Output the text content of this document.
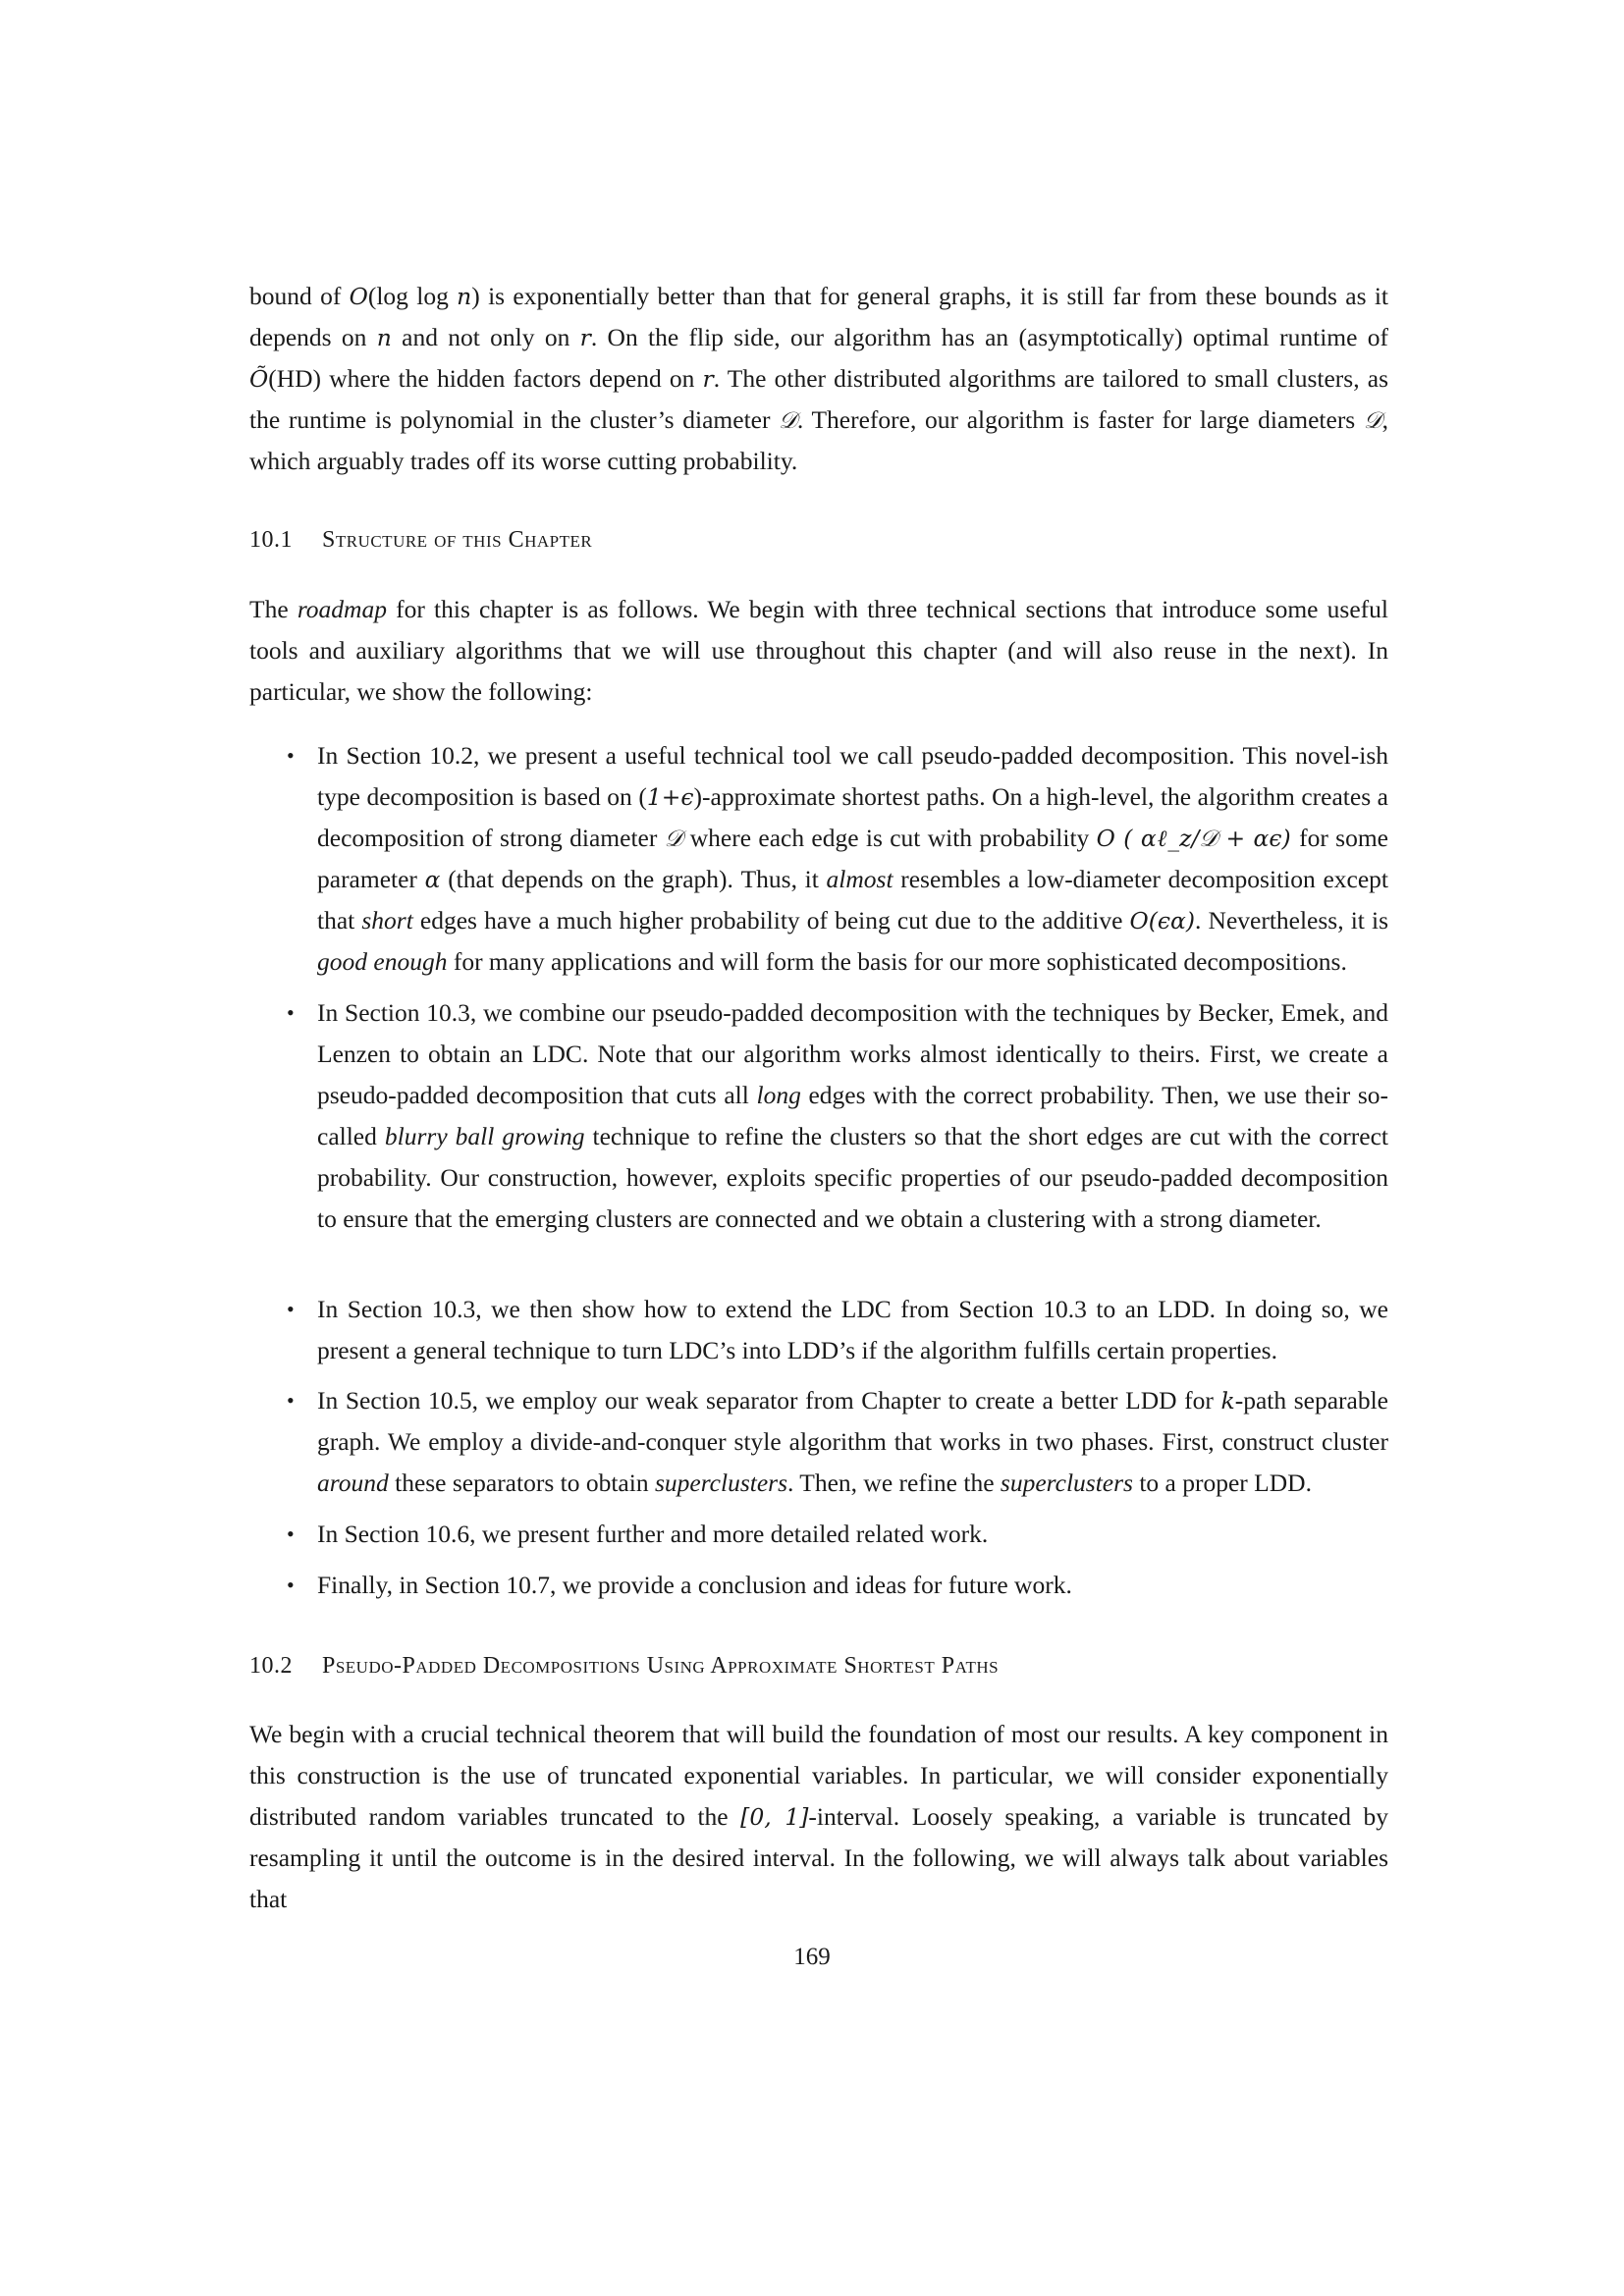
bound of O(log log n) is exponentially better than that for general graphs, it is still far from these bounds as it depends on n and not only on r. On the flip side, our algorithm has an (asymptotically) optimal runtime of Õ(HD) where the hidden factors depend on r. The other distributed algorithms are tailored to small clusters, as the runtime is polynomial in the cluster’s diameter 𝒟. Therefore, our algorithm is faster for large diameters 𝒟, which arguably trades off its worse cutting probability.
10.1 Structure of this Chapter
The roadmap for this chapter is as follows. We begin with three technical sections that introduce some useful tools and auxiliary algorithms that we will use throughout this chapter (and will also reuse in the next). In particular, we show the following:
• In Section 10.2, we present a useful technical tool we call pseudo-padded decomposition. This novel-ish type decomposition is based on (1+ϵ)-approximate shortest paths. On a high-level, the algorithm creates a decomposition of strong diameter 𝒟 where each edge is cut with probability O ( αℓ_z/𝒟 + αϵ) for some parameter α (that depends on the graph). Thus, it almost resembles a low-diameter decomposition except that short edges have a much higher probability of being cut due to the additive O(ϵα). Nevertheless, it is good enough for many applications and will form the basis for our more sophisticated decompositions.
• In Section 10.3, we combine our pseudo-padded decomposition with the techniques by Becker, Emek, and Lenzen to obtain an LDC. Note that our algorithm works almost identically to theirs. First, we create a pseudo-padded decomposition that cuts all long edges with the correct probability. Then, we use their so-called blurry ball growing technique to refine the clusters so that the short edges are cut with the correct probability. Our construction, however, exploits specific properties of our pseudo-padded decomposition to ensure that the emerging clusters are connected and we obtain a clustering with a strong diameter.
• In Section 10.3, we then show how to extend the LDC from Section 10.3 to an LDD. In doing so, we present a general technique to turn LDC’s into LDD’s if the algorithm fulfills certain properties.
• In Section 10.5, we employ our weak separator from Chapter to create a better LDD for k-path separable graph. We employ a divide-and-conquer style algorithm that works in two phases. First, construct cluster around these separators to obtain superclusters. Then, we refine the superclusters to a proper LDD.
• In Section 10.6, we present further and more detailed related work.
• Finally, in Section 10.7, we provide a conclusion and ideas for future work.
10.2 Pseudo-Padded Decompositions Using Approximate Shortest Paths
We begin with a crucial technical theorem that will build the foundation of most our results. A key component in this construction is the use of truncated exponential variables. In particular, we will consider exponentially distributed random variables truncated to the [0, 1]-interval. Loosely speaking, a variable is truncated by resampling it until the outcome is in the desired interval. In the following, we will always talk about variables that
169
